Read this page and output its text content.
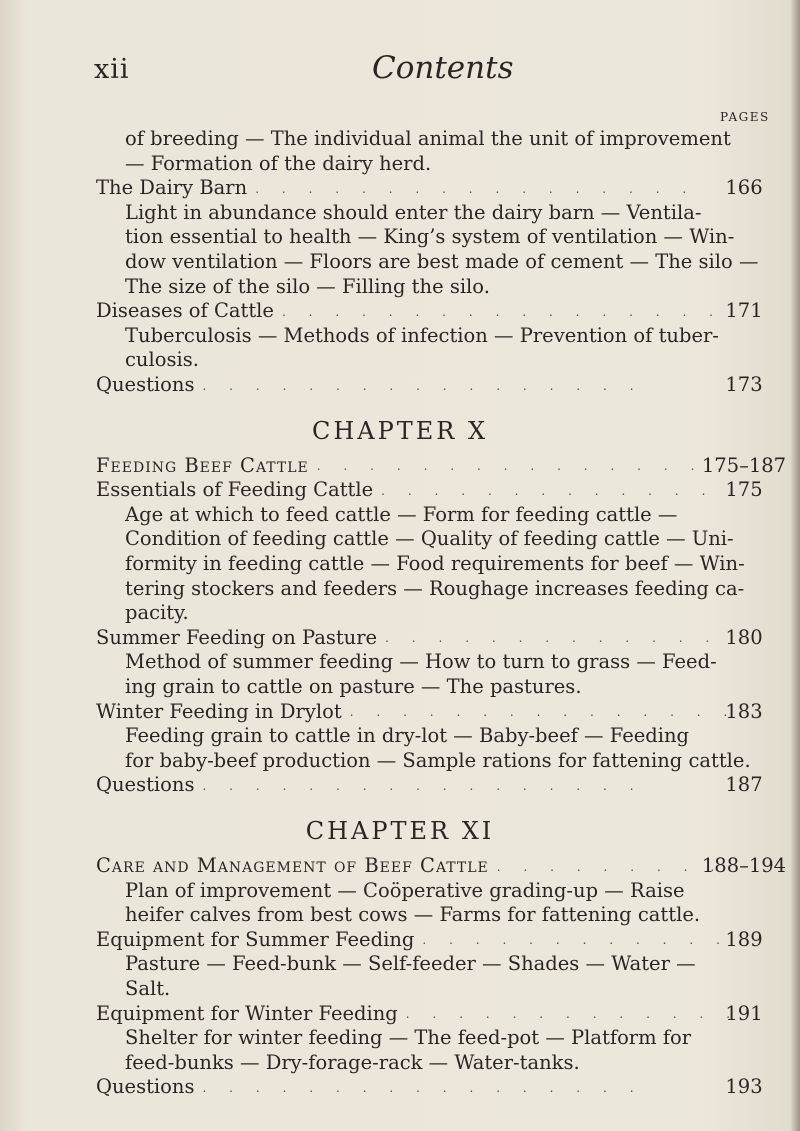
xii	Contents
PAGES
of breeding — The individual animal the unit of improvement
— Formation of the dairy herd.
The Dairy Barn .	166
Light in abundance should enter the dairy barn — Ventila-
tion essential to health — King’s system of ventilation — Win-
dow ventilation — Floors are best made of cement — The silo —
The size of the silo — Filling the silo.
Diseases of Cattle .	171
Tuberculosis — Methods of infection — Prevention of tuber-
culosis.
Questions .	173
CHAPTER X
Feeding Beef Cattle .	175–187
Essentials of Feeding Cattle .	175
Age at which to feed cattle — Form for feeding cattle —
Condition of feeding cattle — Quality of feeding cattle — Uni-
formity in feeding cattle — Food requirements for beef — Win-
tering stockers and feeders — Roughage increases feeding ca-
pacity.
Summer Feeding on Pasture .	180
Method of summer feeding — How to turn to grass — Feed-
ing grain to cattle on pasture — The pastures.
Winter Feeding in Drylot .	183
Feeding grain to cattle in dry-lot — Baby-beef — Feeding
for baby-beef production — Sample rations for fattening cattle.
Questions .	187
CHAPTER XI
Care and Management of Beef Cattle .	188–194
Plan of improvement — Coöperative grading-up — Raise
heifer calves from best cows — Farms for fattening cattle.
Equipment for Summer Feeding .	189
Pasture — Feed-bunk — Self-feeder — Shades — Water —
Salt.
Equipment for Winter Feeding .	191
Shelter for winter feeding — The feed-pot — Platform for
feed-bunks — Dry-forage-rack — Water-tanks.
Questions .	193
